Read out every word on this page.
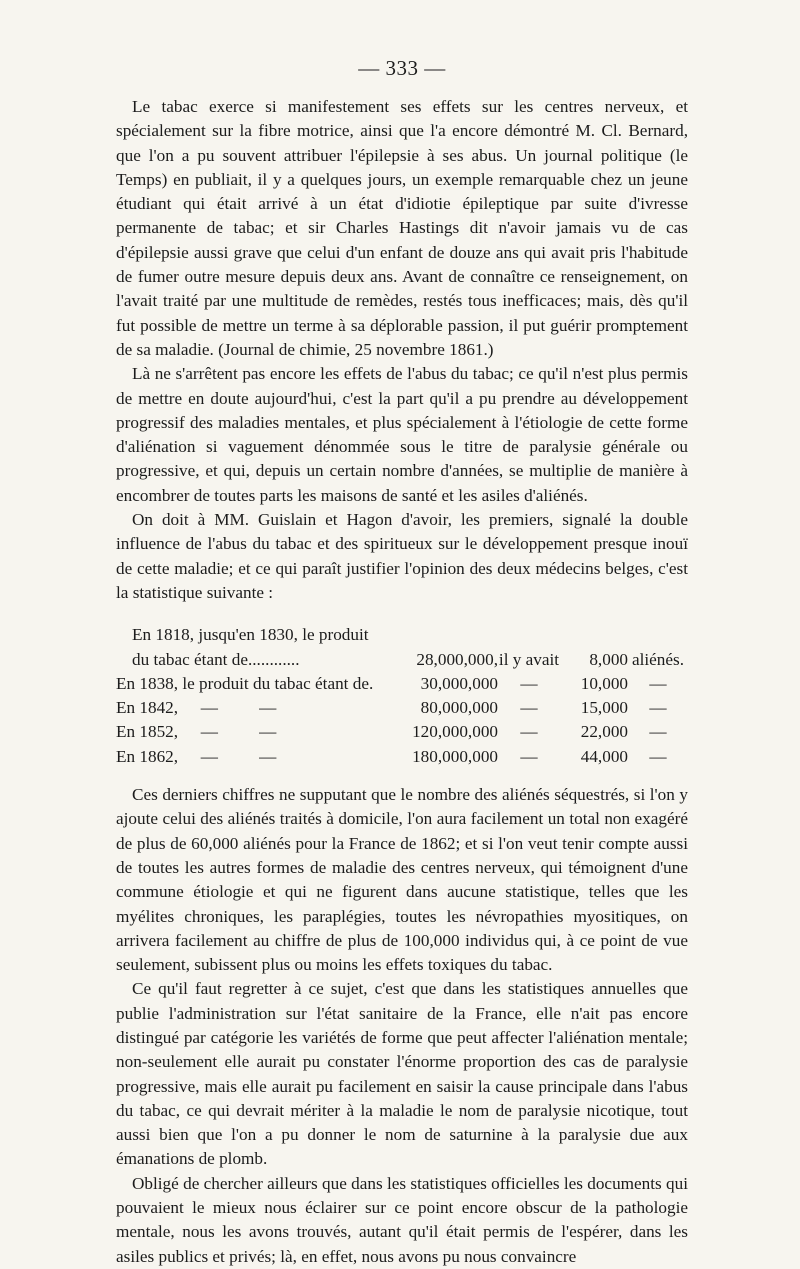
— 333 —

Le tabac exerce si manifestement ses effets sur les centres nerveux, et spécialement sur la fibre motrice, ainsi que l'a encore démontré M. Cl. Bernard, que l'on a pu souvent attribuer l'épilepsie à ses abus. Un journal politique (le Temps) en publiait, il y a quelques jours, un exemple remarquable chez un jeune étudiant qui était arrivé à un état d'idiotie épileptique par suite d'ivresse permanente de tabac; et sir Charles Hastings dit n'avoir jamais vu de cas d'épilepsie aussi grave que celui d'un enfant de douze ans qui avait pris l'habitude de fumer outre mesure depuis deux ans. Avant de connaître ce renseignement, on l'avait traité par une multitude de remèdes, restés tous inefficaces; mais, dès qu'il fut possible de mettre un terme à sa déplorable passion, il put guérir promptement de sa maladie. (Journal de chimie, 25 novembre 1861.)

Là ne s'arrêtent pas encore les effets de l'abus du tabac; ce qu'il n'est plus permis de mettre en doute aujourd'hui, c'est la part qu'il a pu prendre au développement progressif des maladies mentales, et plus spécialement à l'étiologie de cette forme d'aliénation si vaguement dénommée sous le titre de paralysie générale ou progressive, et qui, depuis un certain nombre d'années, se multiplie de manière à encombrer de toutes parts les maisons de santé et les asiles d'aliénés.

On doit à MM. Guislain et Hagon d'avoir, les premiers, signalé la double influence de l'abus du tabac et des spiritueux sur le développement presque inouï de cette maladie; et ce qui paraît justifier l'opinion des deux médecins belges, c'est la statistique suivante :

En 1818, jusqu'en 1830, le produit
du tabac étant de............	28,000,000, il y avait	8,000 aliénés.
En 1838, le produit du tabac étant de.	30,000,000	—	10,000	—
En 1842, — —	80,000,000	—	15,000	—
En 1852, — —	120,000,000	—	22,000	—
En 1862, — —	180,000,000	—	44,000	—

Ces derniers chiffres ne supputant que le nombre des aliénés séquestrés, si l'on y ajoute celui des aliénés traités à domicile, l'on aura facilement un total non exagéré de plus de 60,000 aliénés pour la France de 1862; et si l'on veut tenir compte aussi de toutes les autres formes de maladie des centres nerveux, qui témoignent d'une commune étiologie et qui ne figurent dans aucune statistique, telles que les myélites chroniques, les paraplégies, toutes les névropathies myositiques, on arrivera facilement au chiffre de plus de 100,000 individus qui, à ce point de vue seulement, subissent plus ou moins les effets toxiques du tabac.

Ce qu'il faut regretter à ce sujet, c'est que dans les statistiques annuelles que publie l'administration sur l'état sanitaire de la France, elle n'ait pas encore distingué par catégorie les variétés de forme que peut affecter l'aliénation mentale; non-seulement elle aurait pu constater l'énorme proportion des cas de paralysie progressive, mais elle aurait pu facilement en saisir la cause principale dans l'abus du tabac, ce qui devrait mériter à la maladie le nom de paralysie nicotique, tout aussi bien que l'on a pu donner le nom de saturnine à la paralysie due aux émanations de plomb.

Obligé de chercher ailleurs que dans les statistiques officielles les documents qui pouvaient le mieux nous éclairer sur ce point encore obscur de la pathologie mentale, nous les avons trouvés, autant qu'il était permis de l'espérer, dans les asiles publics et privés; là, en effet, nous avons pu nous convaincre
